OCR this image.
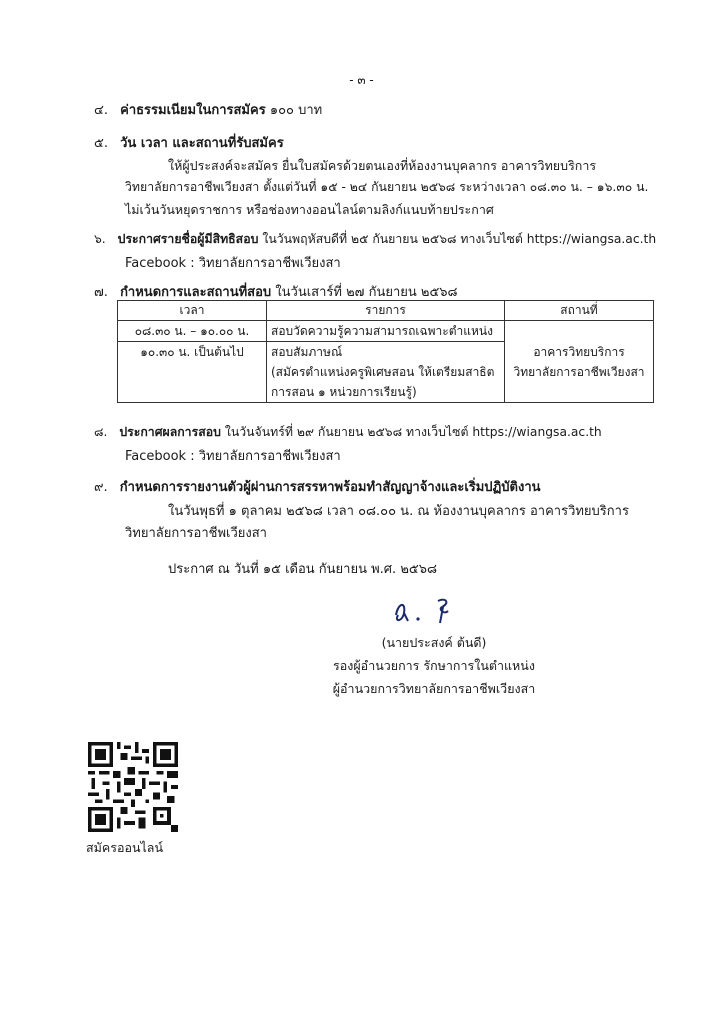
- ๓ -
๔. ค่าธรรมเนียมในการสมัคร ๑๐๐ บาท
๕. วัน เวลา และสถานที่รับสมัคร
ให้ผู้ประสงค์จะสมัคร ยื่นใบสมัครด้วยตนเองที่ห้องงานบุคลากร อาคารวิทยบริการ
วิทยาลัยการอาชีพเวียงสา ตั้งแต่วันที่ ๑๕ - ๒๔ กันยายน ๒๕๖๘ ระหว่างเวลา ๐๘.๓๐ น. – ๑๖.๓๐ น.
ไม่เว้นวันหยุดราชการ หรือช่องทางออนไลน์ตามลิงก์แนบท้ายประกาศ
๖. ประกาศรายชื่อผู้มีสิทธิสอบ ในวันพฤหัสบดีที่ ๒๕ กันยายน ๒๕๖๘ ทางเว็บไซต์ https://wiangsa.ac.th
Facebook : วิทยาลัยการอาชีพเวียงสา
๗. กำหนดการและสถานที่สอบ ในวันเสาร์ที่ ๒๗ กันยายน ๒๕๖๘
เวลา	รายการ	สถานที่

๐๘.๓๐ น. – ๑๐.๐๐ น.	สอบวัดความรู้ความสามารถเฉพาะตำแหน่ง	อาคารวิทยบริการ
วิทยาลัยการอาชีพเวียงสา

๑๐.๓๐ น. เป็นต้นไป	สอบสัมภาษณ์
(สมัครตำแหน่งครูพิเศษสอน ให้เตรียมสาธิต
การสอน ๑ หน่วยการเรียนรู้)	
๘. ประกาศผลการสอบ ในวันจันทร์ที่ ๒๙ กันยายน ๒๕๖๘ ทางเว็บไซต์ https://wiangsa.ac.th
Facebook : วิทยาลัยการอาชีพเวียงสา
๙. กำหนดการรายงานตัวผู้ผ่านการสรรหาพร้อมทำสัญญาจ้างและเริ่มปฏิบัติงาน
ในวันพุธที่ ๑ ตุลาคม ๒๕๖๘ เวลา ๐๘.๐๐ น. ณ ห้องงานบุคลากร อาคารวิทยบริการ
วิทยาลัยการอาชีพเวียงสา
ประกาศ ณ วันที่ ๑๕ เดือน กันยายน พ.ศ. ๒๕๖๘
(นายประสงค์ ต้นดี)
รองผู้อำนวยการ รักษาการในตำแหน่ง
ผู้อำนวยการวิทยาลัยการอาชีพเวียงสา
สมัครออนไลน์
